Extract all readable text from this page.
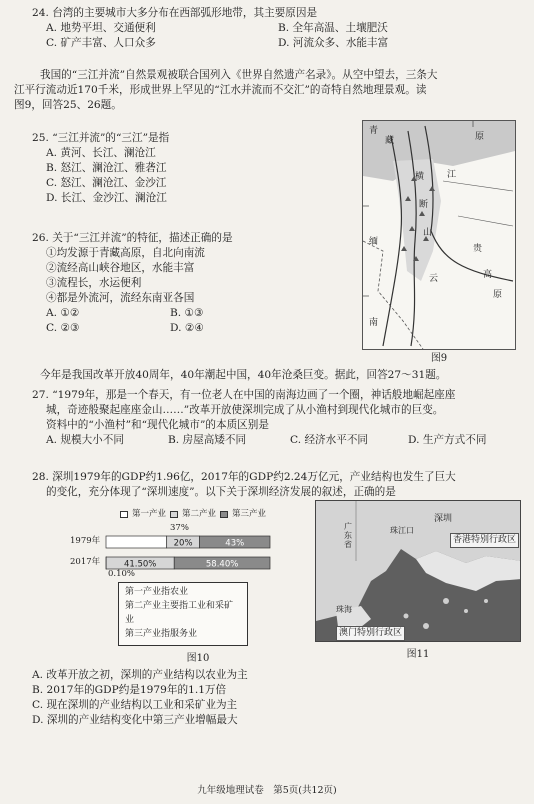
24. 台湾的主要城市大多分布在西部弧形地带，其主要原因是
A. 地势平坦、交通便利	B. 全年高温、土壤肥沃
C. 矿产丰富、人口众多	D. 河流众多、水能丰富
我国的“三江并流”自然景观被联合国列入《世界自然遗产名录》。从空中望去，三条大
江平行流动近170千米，形成世界上罕见的“江水并流而不交汇”的奇特自然地理景观。读
图9，回答25、26题。
25. “三江并流”的“三江”是指
A. 黄河、长江、澜沧江
B. 怒江、澜沧江、雅砻江
C. 怒江、澜沧江、金沙江
D. 长江、金沙江、澜沧江
26. 关于“三江并流”的特征，描述正确的是
①均发源于青藏高原，自北向南流
②流经高山峡谷地区，水能丰富
③流程长，水运便利
④都是外流河，流经东南亚各国
A. ①②	B. ①③
C. ②③	D. ②④
青
藏	原
江
横
断
山
缅
云
贵
高
原
南
图9
今年是我国改革开放40周年，40年潮起中国，40年沧桑巨变。据此，回答27～31题。
27. “1979年，那是一个春天，有一位老人在中国的南海边画了一个圈，神话般地崛起座座
城，奇迹般聚起座座金山……”改革开放使深圳完成了从小渔村到现代化城市的巨变。
资料中的“小渔村”和“现代化城市”的本质区别是
A. 规模大小不同	B. 房屋高矮不同	C. 经济水平不同	D. 生产方式不同
28. 深圳1979年的GDP约1.96亿，2017年的GDP约2.24万亿元，产业结构也发生了巨大
的变化，充分体现了“深圳速度”。以下关于深圳经济发展的叙述，正确的是
第一产业 第二产业 第三产业
37%
1979年
2017年
0.10%
20%	43%
41.50%	58.40%
第一产业指农业
第二产业主要指工业和采矿业
第三产业指服务业
图10
深圳
珠江口
香港特别行政区
广东省
珠海
澳门特别行政区
图11
A. 改革开放之初，深圳的产业结构以农业为主
B. 2017年的GDP约是1979年的1.1万倍
C. 现在深圳的产业结构以工业和采矿业为主
D. 深圳的产业结构变化中第三产业增幅最大
九年级地理试卷　第5页(共12页)
